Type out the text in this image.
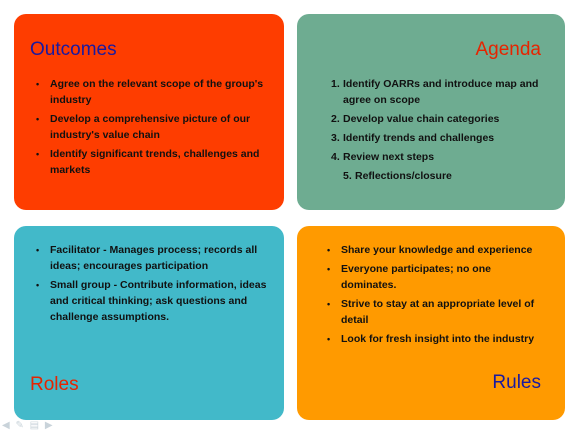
Outcomes
• Agree on the relevant scope of the group's industry
• Develop a comprehensive picture of our industry's value chain
• Identify significant trends, challenges and markets
Agenda
1. Identify OARRs and introduce map and agree on scope
2. Develop value chain categories
3. Identify trends and challenges
4. Review next steps
5. Reflections/closure
• Facilitator - Manages process; records all ideas; encourages participation
• Small group - Contribute information, ideas and critical thinking; ask questions and challenge assumptions.
Roles
• Share your knowledge and experience
• Everyone participates; no one dominates.
• Strive to stay at an appropriate level of detail
• Look for fresh insight into the industry
Rules
◀ ✎ ▤ ▶
